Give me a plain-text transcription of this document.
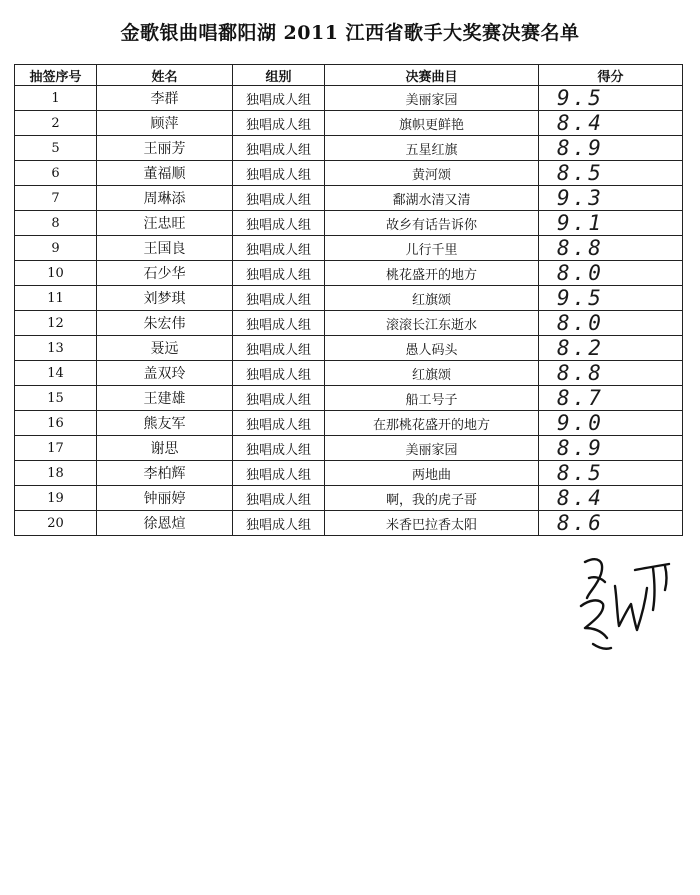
金歌银曲唱鄱阳湖 2011 江西省歌手大奖赛决赛名单
抽签序号	姓名	组别	决赛曲目	得分
1	李群	独唱成人组	美丽家园	9.5
2	顾萍	独唱成人组	旗帜更鲜艳	8.4
5	王丽芳	独唱成人组	五星红旗	8.9
6	董福顺	独唱成人组	黄河颂	8.5
7	周琳添	独唱成人组	鄱湖水清又清	9.3
8	汪忠旺	独唱成人组	故乡有话告诉你	9.1
9	王国良	独唱成人组	儿行千里	8.8
10	石少华	独唱成人组	桃花盛开的地方	8.0
11	刘梦琪	独唱成人组	红旗颂	9.5
12	朱宏伟	独唱成人组	滚滚长江东逝水	8.0
13	聂远	独唱成人组	愚人码头	8.2
14	盖双玲	独唱成人组	红旗颂	8.8
15	王建雄	独唱成人组	船工号子	8.7
16	熊友军	独唱成人组	在那桃花盛开的地方	9.0
17	谢思	独唱成人组	美丽家园	8.9
18	李柏辉	独唱成人组	两地曲	8.5
19	钟丽婷	独唱成人组	啊，我的虎子哥	8.4
20	徐恩煊	独唱成人组	米香巴拉香太阳	8.6
